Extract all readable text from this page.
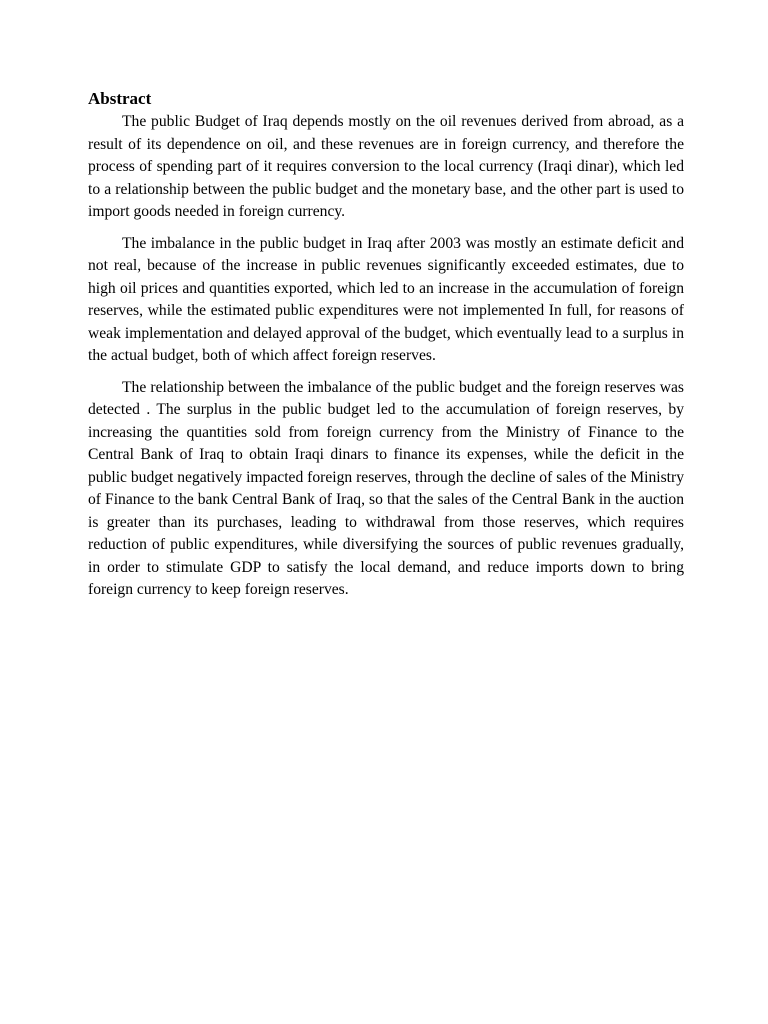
Abstract

The public Budget of Iraq depends mostly on the oil revenues derived from abroad, as a result of its dependence on oil, and these revenues are in foreign currency, and therefore the process of spending part of it requires conversion to the local currency (Iraqi dinar), which led to a relationship between the public budget and the monetary base, and the other part is used to import goods needed in foreign currency.

The imbalance in the public budget in Iraq after 2003 was mostly an estimate deficit and not real, because of the increase in public revenues significantly exceeded estimates, due to high oil prices and quantities exported, which led to an increase in the accumulation of foreign reserves, while the estimated public expenditures were not implemented In full, for reasons of weak implementation and delayed approval of the budget, which eventually lead to a surplus in the actual budget, both of which affect foreign reserves.

The relationship between the imbalance of the public budget and the foreign reserves was detected . The surplus in the public budget led to the accumulation of foreign reserves, by increasing the quantities sold from foreign currency from the Ministry of Finance to the Central Bank of Iraq to obtain Iraqi dinars to finance its expenses, while the deficit in the public budget negatively impacted foreign reserves, through the decline of sales of the Ministry of Finance to the bank Central Bank of Iraq, so that the sales of the Central Bank in the auction is greater than its purchases, leading to withdrawal from those reserves, which requires reduction of public expenditures, while diversifying the sources of public revenues gradually, in order to stimulate GDP to satisfy the local demand, and reduce imports down to bring foreign currency to keep foreign reserves.
